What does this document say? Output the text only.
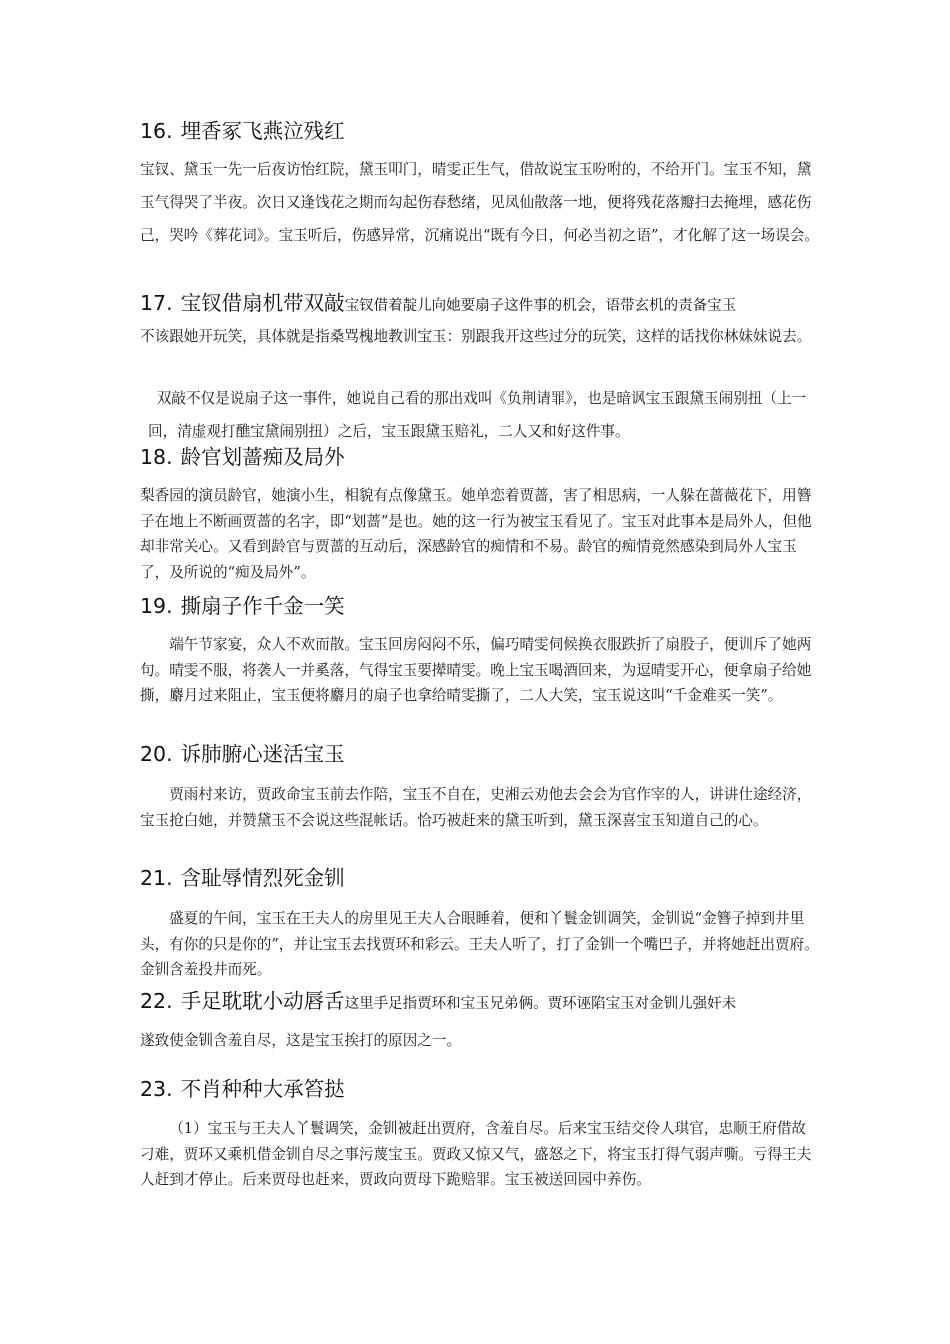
16. 埋香冢飞燕泣残红

宝钗、黛玉一先一后夜访怡红院，黛玉叩门，晴雯正生气，借故说宝玉吩咐的，不给开门。宝玉不知，黛玉气得哭了半夜。次日又逢饯花之期而勾起伤春愁绪，见凤仙散落一地，便将残花落瓣扫去掩埋，感花伤己，哭吟《葬花词》。宝玉听后，伤感异常，沉痛说出“既有今日，何必当初之语”，才化解了这一场误会。

17. 宝钗借扇机带双敲宝钗借着靛儿向她要扇子这件事的机会，语带玄机的责备宝玉

不该跟她开玩笑，具体就是指桑骂槐地教训宝玉：别跟我开这些过分的玩笑，这样的话找你林妹妹说去。

双敲不仅是说扇子这一事件，她说自己看的那出戏叫《负荆请罪》，也是暗讽宝玉跟黛玉闹别扭（上一回，清虚观打醮宝黛闹别扭）之后，宝玉跟黛玉赔礼，二人又和好这件事。

18. 龄官划蔷痴及局外

梨香园的演员龄官，她演小生，相貌有点像黛玉。她单恋着贾蔷，害了相思病，一人躲在蔷薇花下，用簪子在地上不断画贾蔷的名字，即“划蔷”是也。她的这一行为被宝玉看见了。宝玉对此事本是局外人，但他却非常关心。又看到龄官与贾蔷的互动后，深感龄官的痴情和不易。龄官的痴情竟然感染到局外人宝玉了，及所说的“痴及局外”。

19. 撕扇子作千金一笑

端午节家宴，众人不欢而散。宝玉回房闷闷不乐，偏巧晴雯伺候换衣服跌折了扇股子，便训斥了她两句。晴雯不服，将袭人一并奚落，气得宝玉要撵晴雯。晚上宝玉喝酒回来，为逗晴雯开心，便拿扇子给她撕，麝月过来阻止，宝玉便将麝月的扇子也拿给晴雯撕了，二人大笑，宝玉说这叫“千金难买一笑”。

20. 诉肺腑心迷活宝玉

贾雨村来访，贾政命宝玉前去作陪，宝玉不自在，史湘云劝他去会会为官作宰的人，讲讲仕途经济，宝玉抢白她，并赞黛玉不会说这些混帐话。恰巧被赶来的黛玉听到，黛玉深喜宝玉知道自己的心。

21. 含耻辱情烈死金钏

盛夏的午间，宝玉在王夫人的房里见王夫人合眼睡着，便和丫鬟金钏调笑，金钏说“金簪子掉到井里头，有你的只是你的”，并让宝玉去找贾环和彩云。王夫人听了，打了金钏一个嘴巴子，并将她赶出贾府。金钏含羞投井而死。

22. 手足耽耽小动唇舌这里手足指贾环和宝玉兄弟俩。贾环诬陷宝玉对金钏儿强奸未

遂致使金钏含羞自尽，这是宝玉挨打的原因之一。

23. 不肖种种大承笞挞

（1）宝玉与王夫人丫鬟调笑，金钏被赶出贾府，含羞自尽。后来宝玉结交伶人琪官，忠顺王府借故刁难，贾环又乘机借金钏自尽之事污蔑宝玉。贾政又惊又气，盛怒之下，将宝玉打得气弱声嘶。亏得王夫人赶到才停止。后来贾母也赶来，贾政向贾母下跪赔罪。宝玉被送回园中养伤。
